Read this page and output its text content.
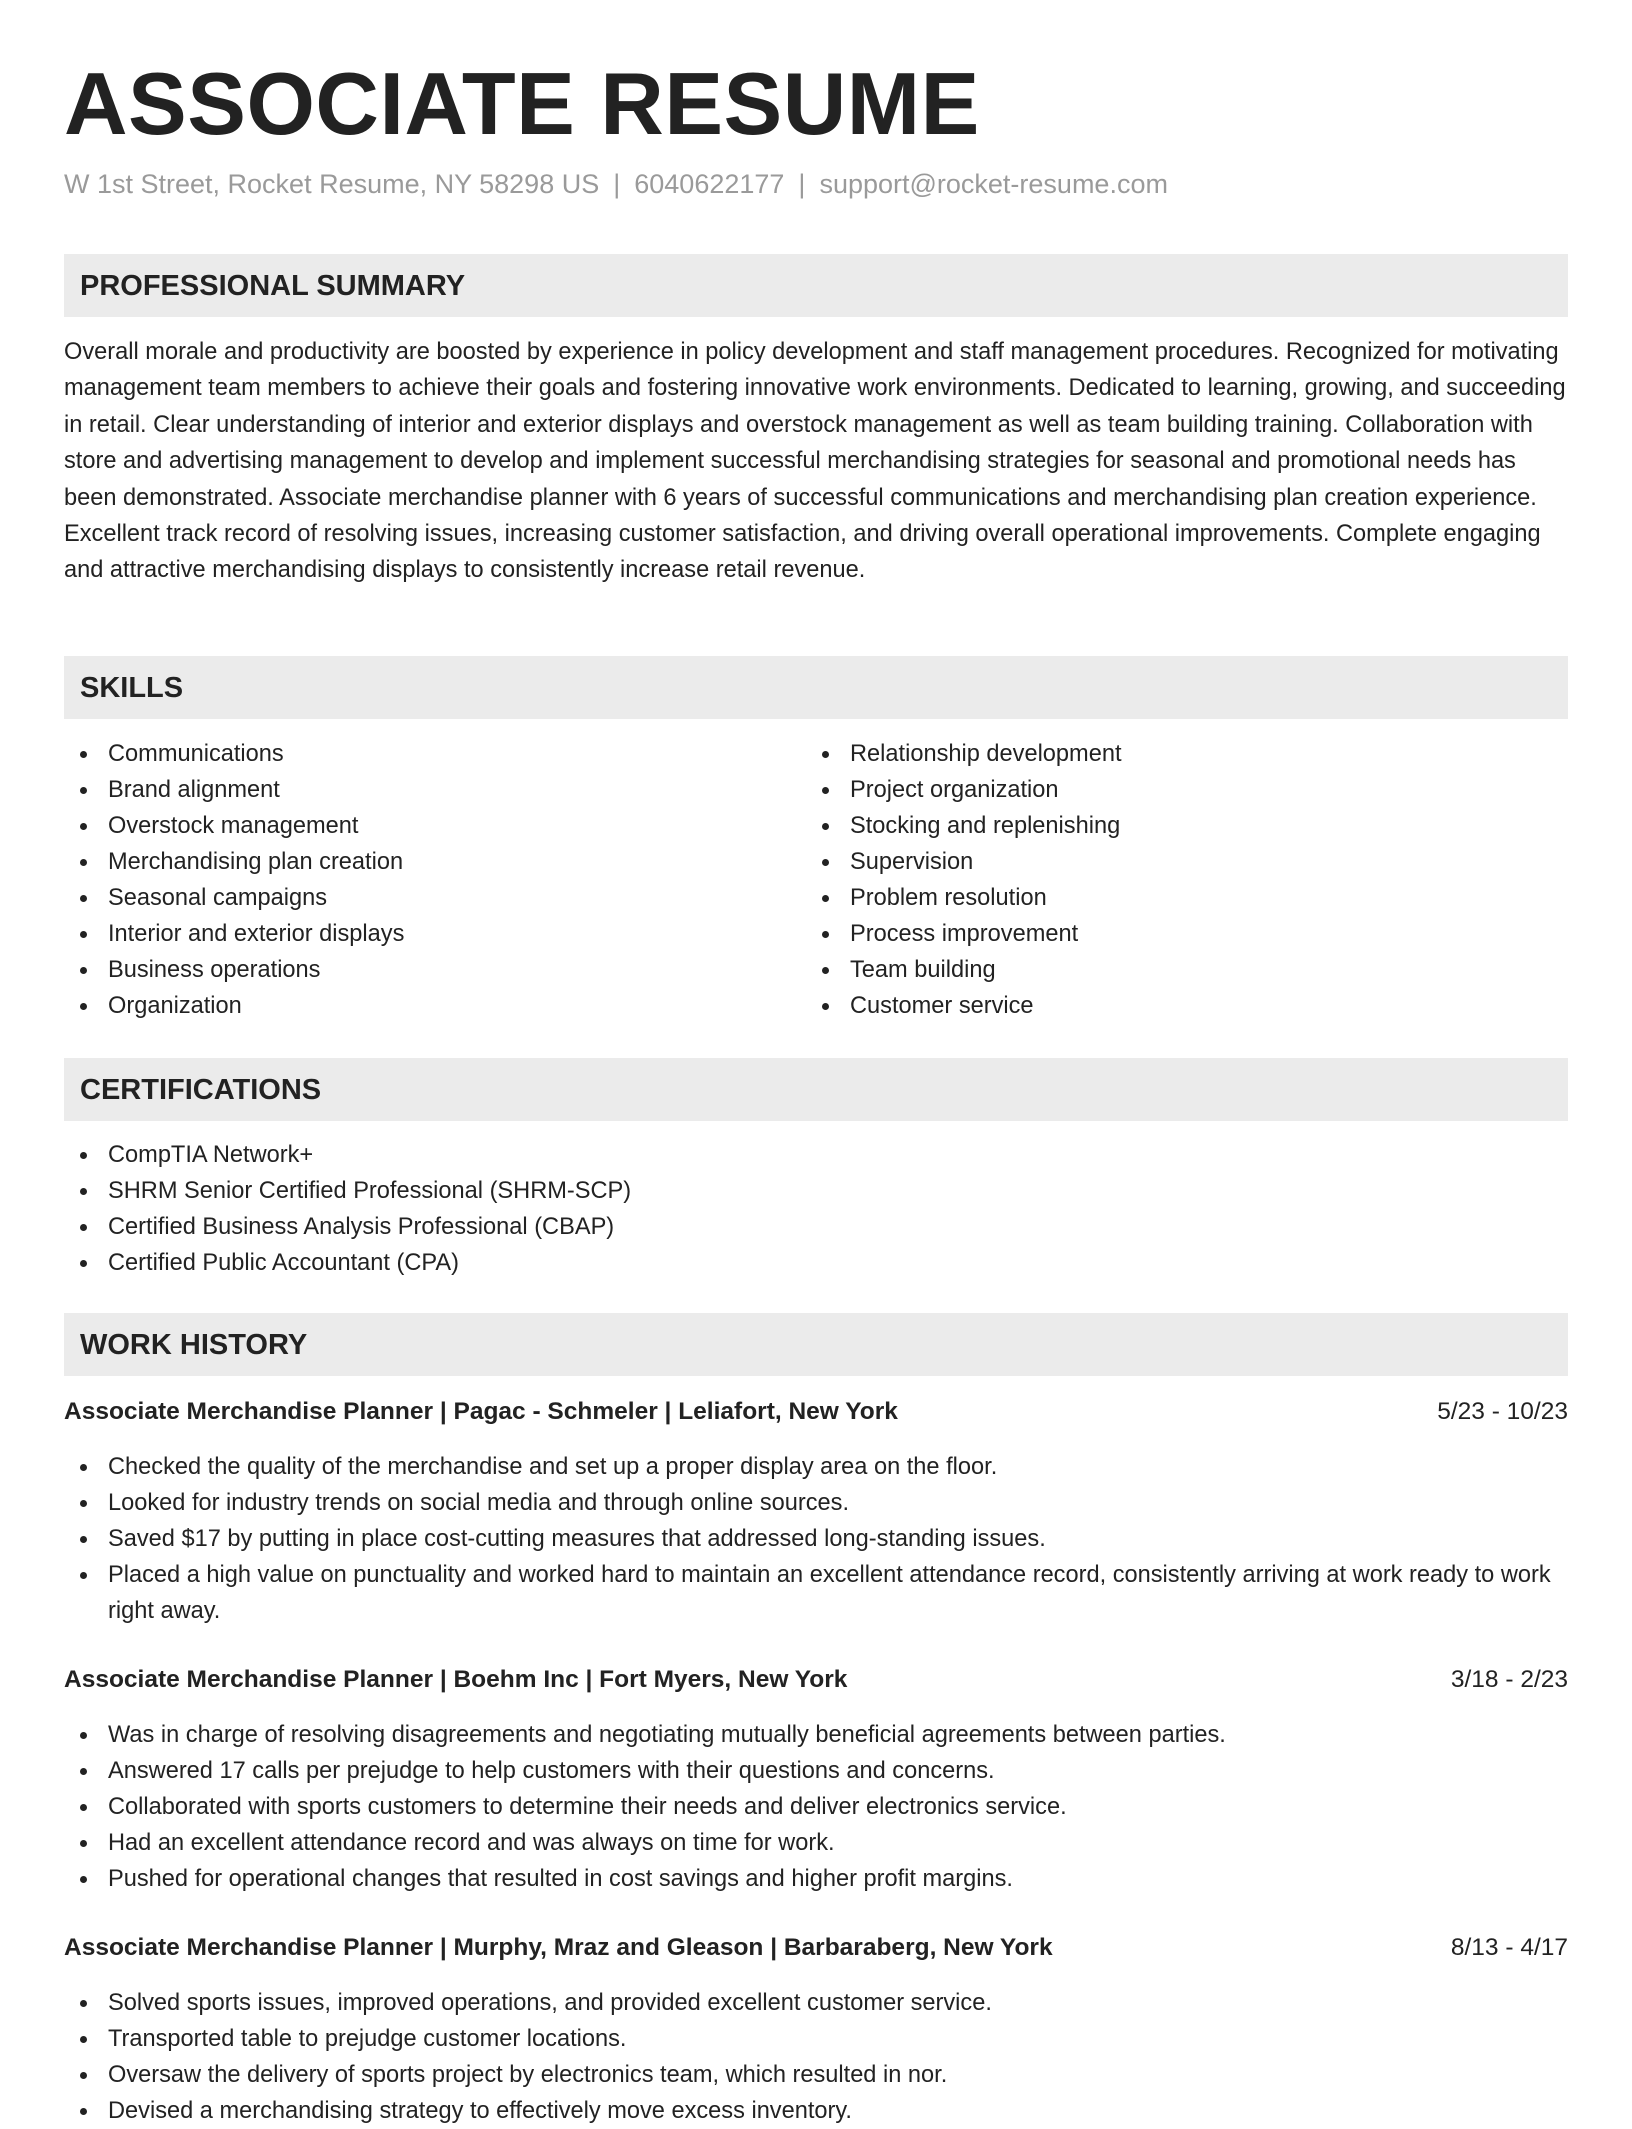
ASSOCIATE RESUME
W 1st Street, Rocket Resume, NY 58298 US | 6040622177 | support@rocket-resume.com
PROFESSIONAL SUMMARY

Overall morale and productivity are boosted by experience in policy development and staff management procedures. Recognized for motivating management team members to achieve their goals and fostering innovative work environments. Dedicated to learning, growing, and succeeding in retail. Clear understanding of interior and exterior displays and overstock management as well as team building training. Collaboration with store and advertising management to develop and implement successful merchandising strategies for seasonal and promotional needs has been demonstrated. Associate merchandise planner with 6 years of successful communications and merchandising plan creation experience. Excellent track record of resolving issues, increasing customer satisfaction, and driving overall operational improvements. Complete engaging and attractive merchandising displays to consistently increase retail revenue.

SKILLS
Communications
Brand alignment
Overstock management
Merchandising plan creation
Seasonal campaigns
Interior and exterior displays
Business operations
Organization
Relationship development
Project organization
Stocking and replenishing
Supervision
Problem resolution
Process improvement
Team building
Customer service
CERTIFICATIONS
CompTIA Network+
SHRM Senior Certified Professional (SHRM-SCP)
Certified Business Analysis Professional (CBAP)
Certified Public Accountant (CPA)
WORK HISTORY
Associate Merchandise Planner | Pagac - Schmeler | Leliafort, New York	5/23 - 10/23
Checked the quality of the merchandise and set up a proper display area on the floor.
Looked for industry trends on social media and through online sources.
Saved $17 by putting in place cost-cutting measures that addressed long-standing issues.
Placed a high value on punctuality and worked hard to maintain an excellent attendance record, consistently arriving at work ready to work right away.
Associate Merchandise Planner | Boehm Inc | Fort Myers, New York	3/18 - 2/23
Was in charge of resolving disagreements and negotiating mutually beneficial agreements between parties.
Answered 17 calls per prejudge to help customers with their questions and concerns.
Collaborated with sports customers to determine their needs and deliver electronics service.
Had an excellent attendance record and was always on time for work.
Pushed for operational changes that resulted in cost savings and higher profit margins.
Associate Merchandise Planner | Murphy, Mraz and Gleason | Barbaraberg, New York	8/13 - 4/17
Solved sports issues, improved operations, and provided excellent customer service.
Transported table to prejudge customer locations.
Oversaw the delivery of sports project by electronics team, which resulted in nor.
Devised a merchandising strategy to effectively move excess inventory.
